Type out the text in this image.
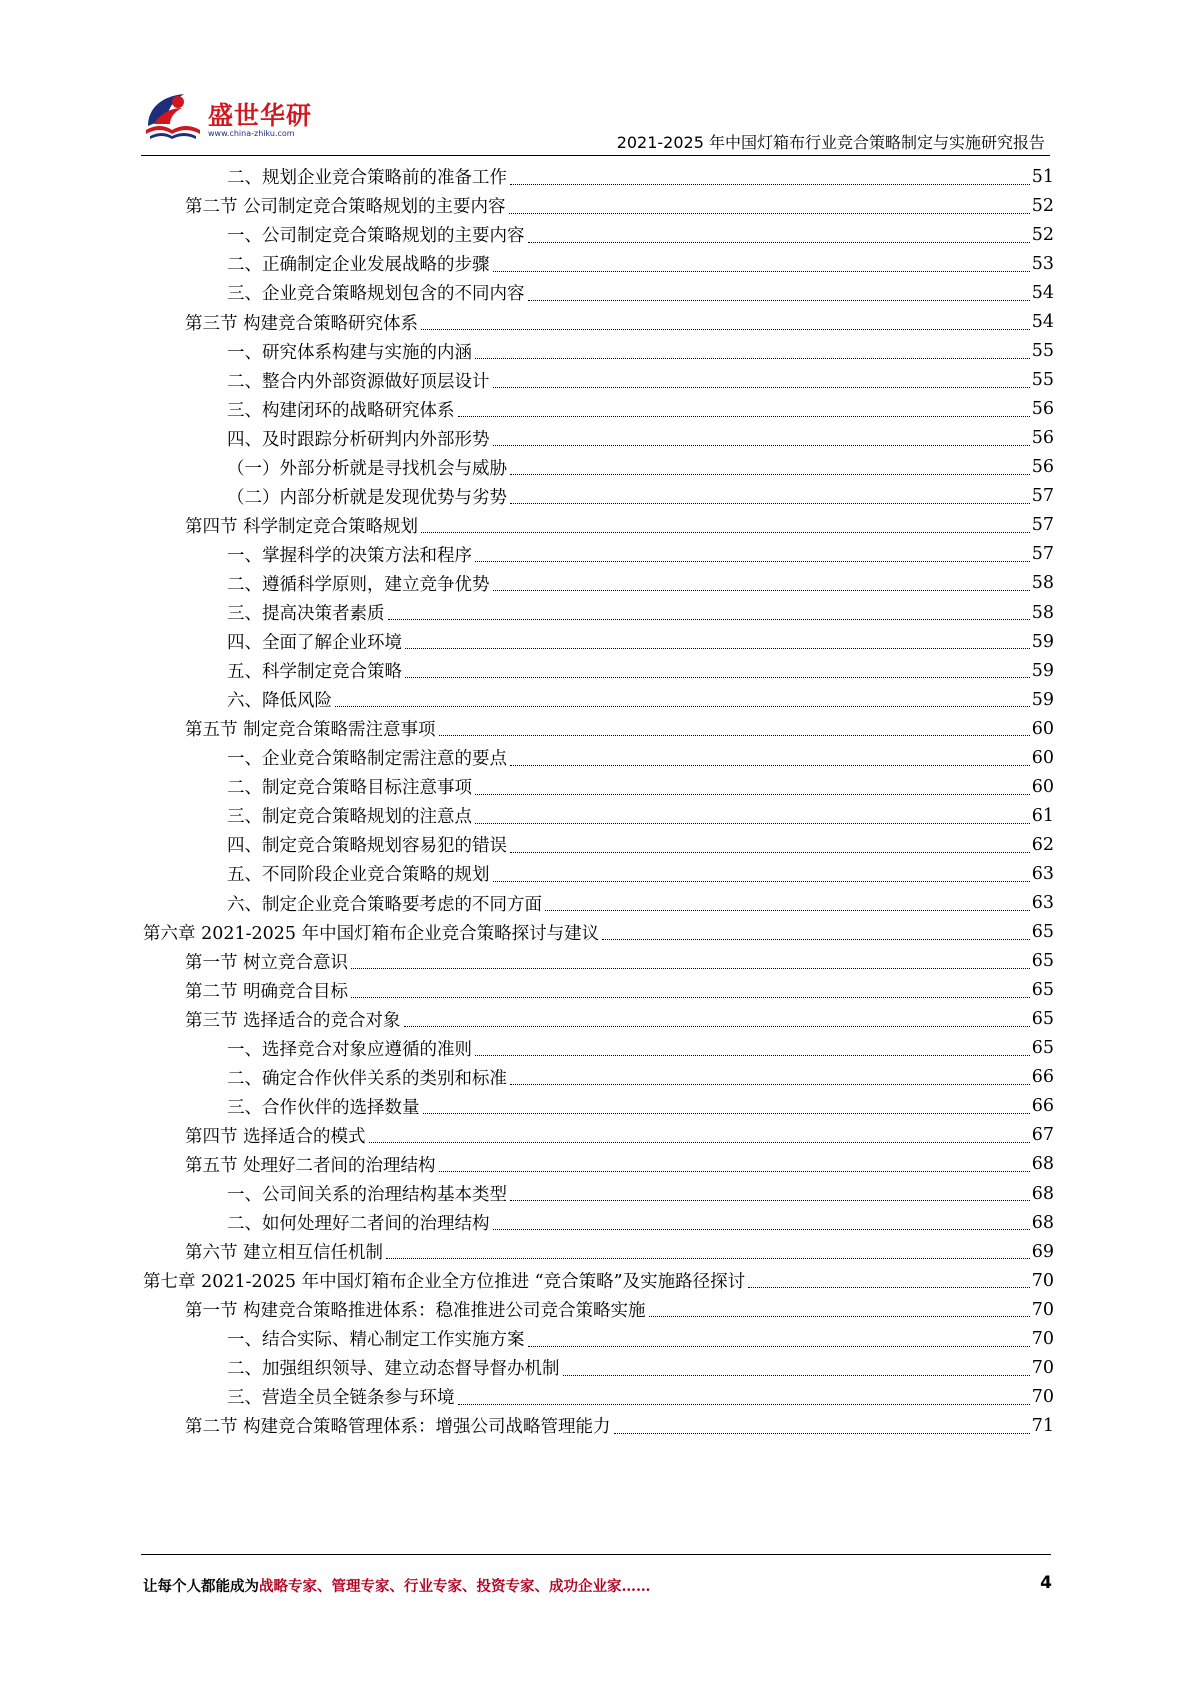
盛世华研
www.china-zhiku.com	2021-2025 年中国灯箱布行业竞合策略制定与实施研究报告
二、规划企业竞合策略前的准备工作	51
第二节 公司制定竞合策略规划的主要内容	52
一、公司制定竞合策略规划的主要内容	52
二、正确制定企业发展战略的步骤	53
三、企业竞合策略规划包含的不同内容	54
第三节 构建竞合策略研究体系	54
一、研究体系构建与实施的内涵	55
二、整合内外部资源做好顶层设计	55
三、构建闭环的战略研究体系	56
四、及时跟踪分析研判内外部形势	56
（一）外部分析就是寻找机会与威胁	56
（二）内部分析就是发现优势与劣势	57
第四节 科学制定竞合策略规划	57
一、掌握科学的决策方法和程序	57
二、遵循科学原则，建立竞争优势	58
三、提高决策者素质	58
四、全面了解企业环境	59
五、科学制定竞合策略	59
六、降低风险	59
第五节 制定竞合策略需注意事项	60
一、企业竞合策略制定需注意的要点	60
二、制定竞合策略目标注意事项	60
三、制定竞合策略规划的注意点	61
四、制定竞合策略规划容易犯的错误	62
五、不同阶段企业竞合策略的规划	63
六、制定企业竞合策略要考虑的不同方面	63
第六章 2021-2025 年中国灯箱布企业竞合策略探讨与建议	65
第一节 树立竞合意识	65
第二节 明确竞合目标	65
第三节 选择适合的竞合对象	65
一、选择竞合对象应遵循的准则	65
二、确定合作伙伴关系的类别和标准	66
三、合作伙伴的选择数量	66
第四节 选择适合的模式	67
第五节 处理好二者间的治理结构	68
一、公司间关系的治理结构基本类型	68
二、如何处理好二者间的治理结构	68
第六节 建立相互信任机制	69
第七章 2021-2025 年中国灯箱布企业全方位推进 “竞合策略”及实施路径探讨	70
第一节 构建竞合策略推进体系：稳准推进公司竞合策略实施	70
一、结合实际、精心制定工作实施方案	70
二、加强组织领导、建立动态督导督办机制	70
三、营造全员全链条参与环境	70
第二节 构建竞合策略管理体系：增强公司战略管理能力	71
让每个人都能成为战略专家、管理专家、行业专家、投资专家、成功企业家……	4
